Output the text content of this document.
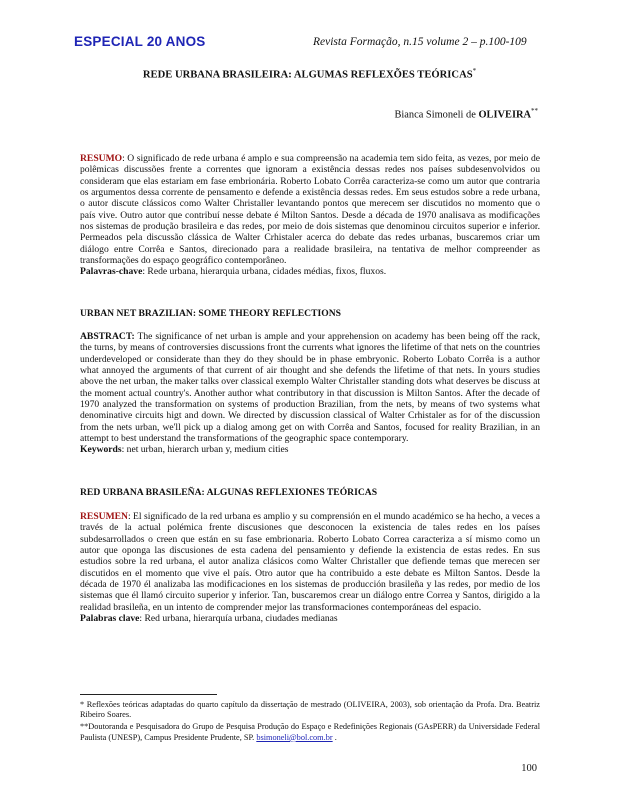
ESPECIAL 20 ANOS	Revista Formação, n.15 volume 2 – p.100-109
REDE URBANA BRASILEIRA: ALGUMAS REFLEXÕES TEÓRICAS*
Bianca Simoneli de OLIVEIRA**

RESUMO: O significado de rede urbana é amplo e sua compreensão na academia tem sido feita, as vezes, por meio de polêmicas discussões frente a correntes que ignoram a existência dessas redes nos países subdesenvolvidos ou consideram que elas estariam em fase embrionária. Roberto Lobato Corrêa caracteriza-se como um autor que contraria os argumentos dessa corrente de pensamento e defende a existência dessas redes. Em seus estudos sobre a rede urbana, o autor discute clássicos como Walter Christaller levantando pontos que merecem ser discutidos no momento que o país vive. Outro autor que contribuí nesse debate é Milton Santos. Desde a década de 1970 analisava as modificações nos sistemas de produção brasileira e das redes, por meio de dois sistemas que denominou circuitos superior e inferior. Permeados pela discussão clássica de Walter Crhistaler acerca do debate das redes urbanas, buscaremos criar um diálogo entre Corrêa e Santos, direcionado para a realidade brasileira, na tentativa de melhor compreender as transformações do espaço geográfico contemporâneo.

Palavras-chave: Rede urbana, hierarquia urbana, cidades médias, fixos, fluxos.

URBAN NET BRAZILIAN: SOME THEORY REFLECTIONS

ABSTRACT: The significance of net urban is ample and your apprehension on academy has been being off the rack, the turns, by means of controversies discussions front the currents what ignores the lifetime of that nets on the countries underdeveloped or considerate than they do they should be in phase embryonic. Roberto Lobato Corrêa is a author what annoyed the arguments of that current of air thought and she defends the lifetime of that nets. In yours studies above the net urban, the maker talks over classical exemplo Walter Christaller standing dots what deserves be discuss at the moment actual country's. Another author what contributory in that discussion is Milton Santos. After the decade of 1970 analyzed the transformation on systems of production Brazilian, from the nets, by means of two systems what denominative circuits higt and down. We directed by discussion classical of Walter Crhistaler as for of the discussion from the nets urban, we'll pick up a dialog among get on with Corrêa and Santos, focused for reality Brazilian, in an attempt to best understand the transformations of the geographic space contemporary.

Keywords: net urban, hierarch urban y, medium cities

RED URBANA BRASILEÑA: ALGUNAS REFLEXIONES TEÓRICAS

RESUMEN: El significado de la red urbana es amplio y su comprensión en el mundo académico se ha hecho, a veces a través de la actual polémica frente discusiones que desconocen la existencia de tales redes en los países subdesarrollados o creen que están en su fase embrionaria. Roberto Lobato Correa caracteriza a sí mismo como un autor que oponga las discusiones de esta cadena del pensamiento y defiende la existencia de estas redes. En sus estudios sobre la red urbana, el autor analiza clásicos como Walter Christaller que defiende temas que merecen ser discutidos en el momento que vive el país. Otro autor que ha contribuido a este debate es Milton Santos. Desde la década de 1970 él analizaba las modificaciones en los sistemas de producción brasileña y las redes, por medio de los sistemas que él llamó circuito superior y inferior. Tan, buscaremos crear un diálogo entre Correa y Santos, dirigido a la realidad brasileña, en un intento de comprender mejor las transformaciones contemporáneas del espacio.

Palabras clave: Red urbana, hierarquía urbana, ciudades medianas

* Reflexões teóricas adaptadas do quarto capítulo da dissertação de mestrado (OLIVEIRA, 2003), sob orientação da Profa. Dra. Beatriz Ribeiro Soares.

**Doutoranda e Pesquisadora do Grupo de Pesquisa Produção do Espaço e Redefinições Regionais (GAsPERR) da Universidade Federal Paulista (UNESP), Campus Presidente Prudente, SP. bsimoneli@bol.com.br .

100
